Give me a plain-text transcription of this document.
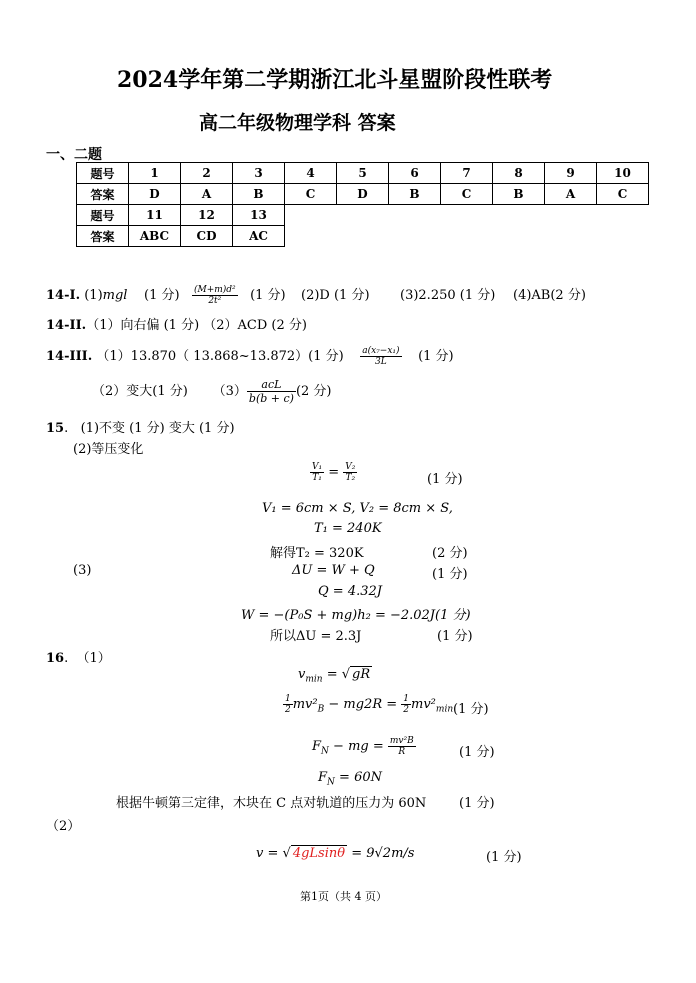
2024学年第二学期浙江北斗星盟阶段性联考
高二年级物理学科 答案
一、二题
题号	1	2	3	4	5	6	7	8	9	10
答案	D	A	B	C	D	B	C	B	A	C
题号	11	12	13							
答案	ABC	CD	AC							
14-I. (1)mgl (1 分) $\frac{\text{(M+m)d²}}{\text{2t²}} (1$ 分) (2)D (1 分) (3)2.250 (1 分) (4)AB(2 分)
14-II.（1）向右偏 (1 分) （2）ACD (2 分)
14-III. （1）13.870（ 13.868~13.872）(1 分) $\frac{\text{a(x₇−x₁)}}{3L} (1$ 分)
（2）变大(1 分) $(3) \frac{\text{acL}}{b(b + c)} (2$ 分)
15.   (1)不变 (1 分) 变大 (1 分)
(2)等压变化
$\frac{\text{V₁}}{\text{T₁}} = \frac{\text{V₂}}{\text{T₂}}$	(1 分)
V₁ = 6cm × S, V₂ = 8cm × S,
T₁ = 240K
解得T₂ = 320K	(2 分)
(3)	ΔU = W + Q	(1 分)
Q = 4.32J
W = −(P₀S + mg)h₂ = −2.02J(1 分)
所以ΔU = 2.3J	(1 分)
16.  （1）
$v_{min}$ = √ gR
$\frac{1}{2} mv^2_B - mg2R = \frac{1}{2} mv^2_{min}$ (1 分)
$F_N$ − mg = $\frac{\text{mv²B}}{R}$	(1 分)
$F_N = 60N$
根据牛顿第三定律，木块在 C 点对轨道的压力为 60N	(1 分)
（2）
v = √ 4gLsinθ = 9√2m/s	(1 分)
第1页（共 4 页）
